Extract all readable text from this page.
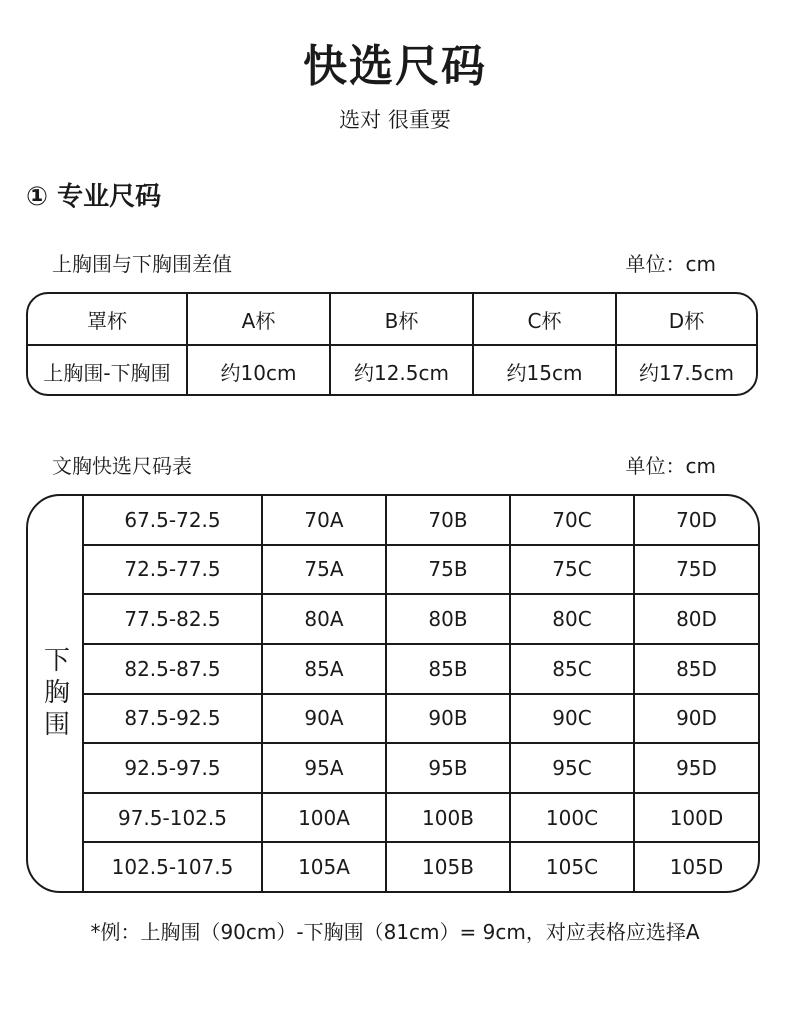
快选尺码
选对 很重要
① 专业尺码
上胸围与下胸围差值	单位：cm
罩杯	A杯	B杯	C杯	D杯
上胸围-下胸围	约10cm	约12.5cm	约15cm	约17.5cm
文胸快选尺码表	单位：cm
下胸围
67.5-72.5	70A	70B	70C	70D
72.5-77.5	75A	75B	75C	75D
77.5-82.5	80A	80B	80C	80D
82.5-87.5	85A	85B	85C	85D
87.5-92.5	90A	90B	90C	90D
92.5-97.5	95A	95B	95C	95D
97.5-102.5	100A	100B	100C	100D
102.5-107.5	105A	105B	105C	105D
*例：上胸围（90cm）-下胸围（81cm）= 9cm，对应表格应选择A
